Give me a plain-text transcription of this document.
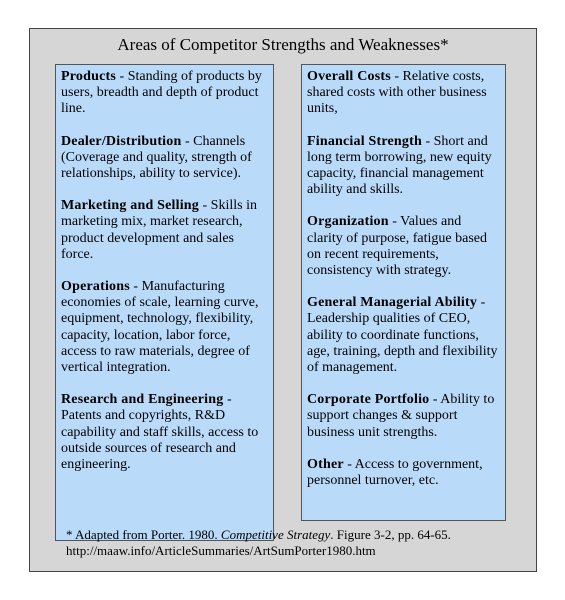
Areas of Competitor Strengths and Weaknesses*
Products - Standing of products by users, breadth and depth of product line.
Dealer/Distribution - Channels (Coverage and quality, strength of relationships, ability to service).
Marketing and Selling - Skills in marketing mix, market research, product development and sales force.
Operations - Manufacturing economies of scale, learning curve, equipment, technology, flexibility, capacity, location, labor force, access to raw materials, degree of vertical integration.
Research and Engineering - Patents and copyrights, R&D capability and staff skills, access to outside sources of research and engineering.
Overall Costs - Relative costs, shared costs with other business units,
Financial Strength - Short and long term borrowing, new equity capacity, financial management ability and skills.
Organization - Values and clarity of purpose, fatigue based on recent requirements, consistency with strategy.
General Managerial Ability - Leadership qualities of CEO, ability to coordinate functions, age, training, depth and flexibility of management.
Corporate Portfolio - Ability to support changes & support business unit strengths.
Other - Access to government, personnel turnover, etc.
* Adapted from Porter. 1980. Competitive Strategy. Figure 3-2, pp. 64-65.
http://maaw.info/ArticleSummaries/ArtSumPorter1980.htm
